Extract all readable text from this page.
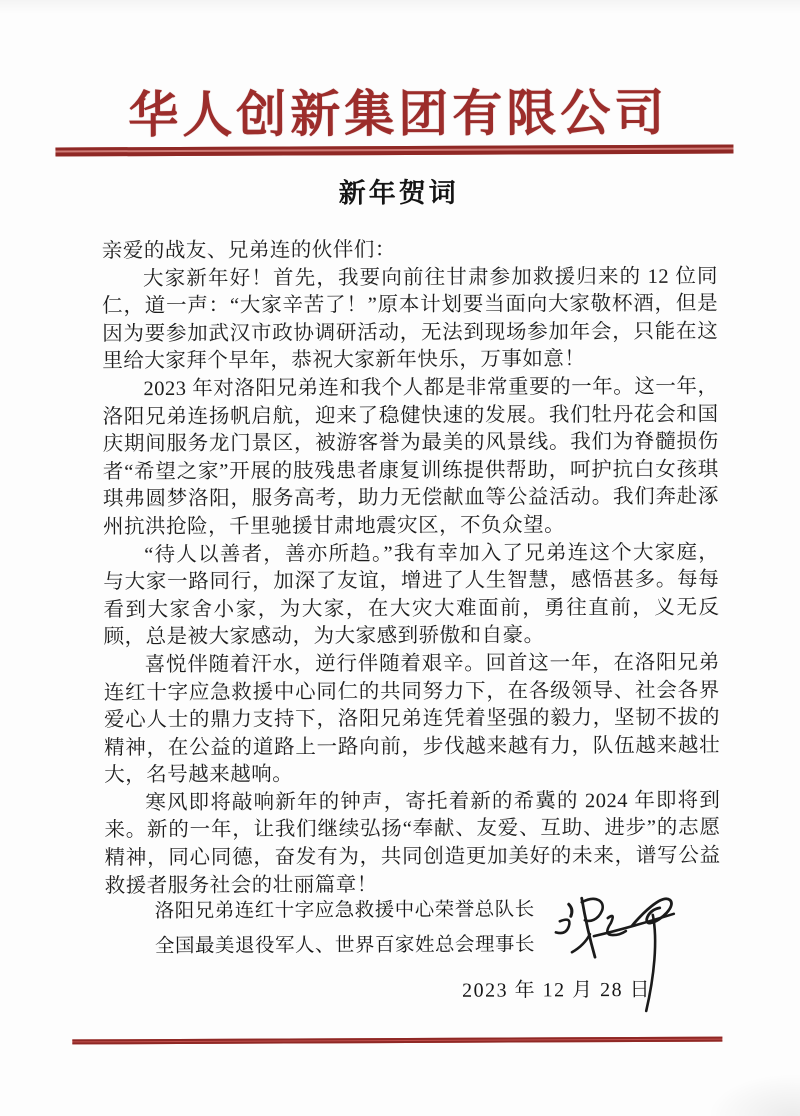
华人创新集团有限公司
新年贺词

亲爱的战友、兄弟连的伙伴们：

大家新年好！首先，我要向前往甘肃参加救援归来的 12 位同仁，道一声：“大家辛苦了！”原本计划要当面向大家敬杯酒，但是因为要参加武汉市政协调研活动，无法到现场参加年会，只能在这里给大家拜个早年，恭祝大家新年快乐，万事如意！

2023 年对洛阳兄弟连和我个人都是非常重要的一年。这一年，洛阳兄弟连扬帆启航，迎来了稳健快速的发展。我们牡丹花会和国庆期间服务龙门景区，被游客誉为最美的风景线。我们为脊髓损伤者“希望之家”开展的肢残患者康复训练提供帮助，呵护抗白女孩琪琪弗圆梦洛阳，服务高考，助力无偿献血等公益活动。我们奔赴涿州抗洪抢险，千里驰援甘肃地震灾区，不负众望。

“待人以善者，善亦所趋。”我有幸加入了兄弟连这个大家庭，与大家一路同行，加深了友谊，增进了人生智慧，感悟甚多。每每看到大家舍小家，为大家，在大灾大难面前，勇往直前，义无反顾，总是被大家感动，为大家感到骄傲和自豪。

喜悦伴随着汗水，逆行伴随着艰辛。回首这一年，在洛阳兄弟连红十字应急救援中心同仁的共同努力下，在各级领导、社会各界爱心人士的鼎力支持下，洛阳兄弟连凭着坚强的毅力，坚韧不拔的精神，在公益的道路上一路向前，步伐越来越有力，队伍越来越壮大，名号越来越响。

寒风即将敲响新年的钟声，寄托着新的希冀的 2024 年即将到来。新的一年，让我们继续弘扬“奉献、友爱、互助、进步”的志愿精神，同心同德，奋发有为，共同创造更加美好的未来，谱写公益救援者服务社会的壮丽篇章！

洛阳兄弟连红十字应急救援中心荣誉总队长
全国最美退役军人、世界百家姓总会理事长
2023 年 12 月 28 日
